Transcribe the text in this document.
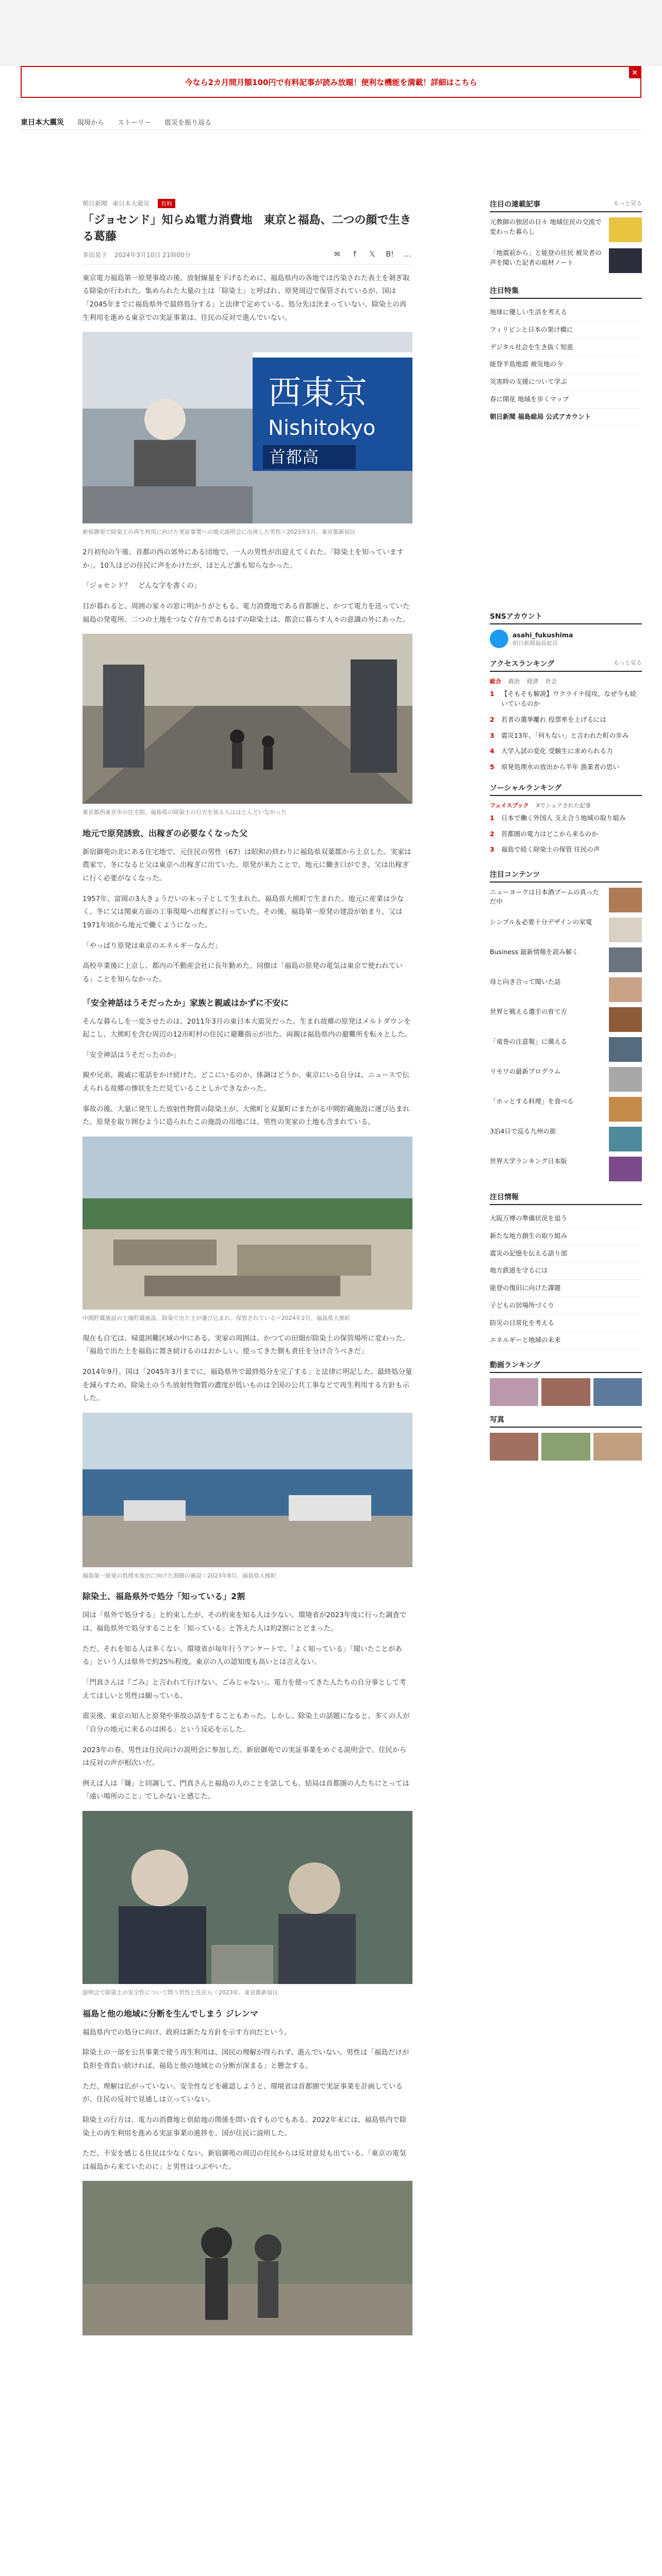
今なら2カ月間月額100円で有料記事が読み放題！便利な機能を満載！詳細はこちら
×
東日本大震災 現場から ストーリー 震災を振り返る
朝日新聞 東日本大震災	有料
「ジョセンド」知らぬ電力消費地　東京と福島、二つの顔で生きる葛藤
多田晃子 2024年3月10日 21時00分	✉	f	𝕏	B! …

東京電力福島第一原発事故の後、放射線量を下げるために、福島県内の各地では汚染された表土を剝ぎ取る除染が行われた。集められた大量の土は「除染土」と呼ばれ、原発周辺で保管されているが、国は「2045年までに福島県外で最終処分する」と法律で定めている。処分先は決まっていない。除染土の再生利用を進める東京での実証事業は、住民の反対で進んでいない。

西東京
Nishitokyo
首都高
新宿御苑で除染土の再生利用に向けた実証事業への地元説明会に出席した男性＝2023年1月、東京都新宿区

2月初旬の午後、首都の西の郊外にある団地で、一人の男性が出迎えてくれた。「除染土を知っていますか」。10人ほどの住民に声をかけたが、ほとんど誰も知らなかった。

「ジョセンド？　どんな字を書くの」

目が暮れると、周囲の家々の窓に明かりがともる。電力消費地である首都圏と、かつて電力を送っていた福島の発電所。二つの土地をつなぐ存在であるはずの除染土は、都会に暮らす人々の意識の外にあった。

東京都西東京市の住宅街。福島県の除染土の行方を知る人はほとんどいなかった
地元で原発誘致、出稼ぎの必要なくなった父

新宿御苑の北にある住宅地で、元住民の男性（67）は昭和の終わりに福島県双葉郡から上京した。実家は農家で、冬になると父は東京へ出稼ぎに出ていた。原発が来たことで、地元に働き口ができ、父は出稼ぎに行く必要がなくなった。

1957年、富岡の3人きょうだいの末っ子として生まれた。福島県大熊町で生まれた。地元に産業は少なく、冬に父は関東方面の工事現場へ出稼ぎに行っていた。その後、福島第一原発の建設が始まり、父は1971年頃から地元で働くようになった。

「やっぱり原発は東京のエネルギーなんだ」

高校卒業後に上京し、都内の不動産会社に長年勤めた。同僚は「福島の原発の電気は東京で使われている」ことを知らなかった。

「安全神話はうそだったか」家族と親戚はかずに不安に

そんな暮らしを一変させたのは、2011年3月の東日本大震災だった。生まれ故郷の原発はメルトダウンを起こし、大熊町を含む周辺の12市町村の住民に避難指示が出た。両親は福島県内の避難所を転々とした。

「安全神話はうそだったのか」

親や兄弟、親戚に電話をかけ続けた。どこにいるのか、体調はどうか。東京にいる自分は、ニュースで伝えられる故郷の惨状をただ見ていることしかできなかった。

事故の後、大量に発生した放射性物質の除染土が、大熊町と双葉町にまたがる中間貯蔵施設に運び込まれた。原発を取り囲むように造られたこの施設の用地には、男性の実家の土地も含まれている。

中間貯蔵施設の土壌貯蔵施設。除染で出た土が運び込まれ、保管されている＝2024年2月、福島県大熊町

現在も自宅は、帰還困難区域の中にある。実家の周囲は、かつての田畑が除染土の保管場所に変わった。「福島で出た土を福島に置き続けるのはおかしい。使ってきた側も責任を分け合うべきだ」

2014年9月、国は「2045年3月までに、福島県外で最終処分を完了する」と法律に明記した。最終処分量を減らすため、除染土のうち放射性物質の濃度が低いものは全国の公共工事などで再生利用する方針も示した。

福島第一原発の処理水放出に向けた海側の施設＝2023年8月、福島県大熊町
除染土、福島県外で処分「知っている」2割

国は「県外で処分する」と約束したが、その約束を知る人は少ない。環境省が2023年度に行った調査では、福島県外で処分することを「知っている」と答えた人は約2割にとどまった。

ただ、それを知る人は多くない。環境省が毎年行うアンケートで、「よく知っている」「聞いたことがある」という人は県外で約25％程度。東京の人の認知度も高いとは言えない。

「門真さんは『ごみ』と言われて行けない、ごみじゃない」。電力を使ってきた人たちの自分事として考えてほしいと男性は願っている。

震災後、東京の知人と原発や事故の話をすることもあった。しかし、除染土の話題になると、多くの人が「自分の地元に来るのは困る」という反応を示した。

2023年の春、男性は住民向けの説明会に参加した。新宿御苑での実証事業をめぐる説明会で、住民からは反対の声が相次いだ。

例えば人は「嫌」と同調して、門真さんと福島の人のことを話しても、結局は首都圏の人たちにとっては「遠い場所のこと」でしかないと感じた。

説明会で除染土の安全性について問う男性と住民ら＝2023年、東京都新宿区
福島と他の地域に分断を生んでしまう ジレンマ

福島県内での処分に向け、政府は新たな方針を示す方向だという。

除染土の一部を公共事業で使う再生利用は、国民の理解が得られず、進んでいない。男性は「福島だけが負担を背負い続ければ、福島と他の地域との分断が深まる」と懸念する。

ただ、理解は広がっていない。安全性などを確認しようと、環境省は首都圏で実証事業を計画しているが、住民の反対で見通しは立っていない。

除染土の行方は、電力の消費地と供給地の関係を問い直すものでもある。2022年末には、福島県内で除染土の再生利用を進める実証事業の進捗を、国が住民に説明した。

ただ、不安を感じる住民は少なくない。新宿御苑の周辺の住民からは反対意見も出ている。「東京の電気は福島から来ていたのに」と男性はつぶやいた。

注目の連載記事	もっと見る
元教師の独居の日々 地域住民の交流で変わった暮らし
「地震前から」と能登の住民 被災者の声を聞いた記者の取材ノート
注目特集
地球に優しい生活を考える
フィリピンと日本の架け橋に
デジタル社会を生き抜く知恵
能登半島地震 被災地の今
災害時の支援について学ぶ
春に開花 地域を歩くマップ
朝日新聞 福島総局 公式アカウント
SNSアカウント
asahi_fukushima
朝日新聞福島総局
アクセスランキング	もっと見る
総合 政治 経済 社会
1	【そもそも解説】ウクライナ侵攻、なぜ今も続いているのか
2	若者の選挙離れ 投票率を上げるには
3	震災13年、「何もない」と言われた町の歩み
4	大学入試の変化 受験生に求められる力
5	原発処理水の放出から半年 漁業者の思い
ソーシャルランキング
フェイスブック Xでシェアされた記事
1	日本で働く外国人 支え合う地域の取り組み
2	首都圏の電力はどこから来るのか
3	福島で続く除染土の保管 住民の声
注目コンテンツ
ニューヨークは日本酒ブームの真っただ中
シンプル＆必要十分デザインの家電
Business 最新情報を読み解く
母と向き合って聞いた話
世界と戦える選手の育て方
「竜巻の注意報」に備える
リモワの最新プログラム
「ホッとする料理」を食べる
3泊4日で巡る九州の旅
世界大学ランキング日本版
注目情報
大阪万博の準備状況を追う
新たな地方創生の取り組み
震災の記憶を伝える語り部
地方鉄道を守るには
能登の復旧に向けた課題
子どもの居場所づくり
防災の日常化を考える
エネルギーと地域の未来
動画ランキング
写真
